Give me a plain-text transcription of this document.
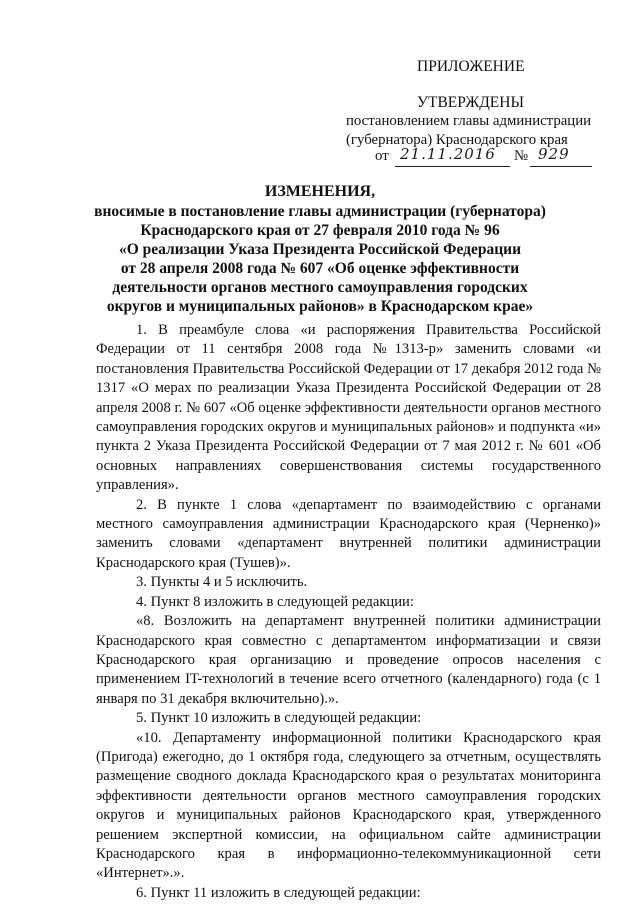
ПРИЛОЖЕНИЕ
УТВЕРЖДЕНЫ
постановлением главы администрации
(губернатора) Краснодарского края
от 21.11.2016 № 929
ИЗМЕНЕНИЯ,
вносимые в постановление главы администрации (губернатора)
Краснодарского края от 27 февраля 2010 года № 96
«О реализации Указа Президента Российской Федерации
от 28 апреля 2008 года № 607 «Об оценке эффективности
деятельности органов местного самоуправления городских
округов и муниципальных районов» в Краснодарском крае»

1. В преамбуле слова «и распоряжения Правительства Российской Федерации от 11 сентября 2008 года №1313-р» заменить словами «и постановления Правительства Российской Федерации от 17 декабря 2012 года № 1317 «О мерах по реализации Указа Президента Российской Федерации от 28 апреля 2008 г. № 607 «Об оценке эффективности деятельности органов местного самоуправления городских округов и муниципальных районов» и подпункта «и» пункта 2 Указа Президента Российской Федерации от 7 мая 2012 г. № 601 «Об основных направлениях совершенствования системы государственного управления».

2. В пункте 1 слова «департамент по взаимодействию с органами местного самоуправления администрации Краснодарского края (Черненко)» заменить словами «департамент внутренней политики администрации Краснодарского края (Тушев)».

3. Пункты 4 и 5 исключить.

4. Пункт 8 изложить в следующей редакции:

«8. Возложить на департамент внутренней политики администрации Краснодарского края совместно с департаментом информатизации и связи Краснодарского края организацию и проведение опросов населения с применением IT-технологий в течение всего отчетного (календарного) года (с 1 января по 31 декабря включительно).».

5. Пункт 10 изложить в следующей редакции:

«10. Департаменту информационной политики Краснодарского края (Пригода) ежегодно, до 1 октября года, следующего за отчетным, осуществлять размещение сводного доклада Краснодарского края о результатах мониторинга эффективности деятельности органов местного самоуправления городских округов и муниципальных районов Краснодарского края, утвержденного решением экспертной комиссии, на официальном сайте администрации Краснодарского края в информационно-телекоммуникационной сети «Интернет».».

6. Пункт 11 изложить в следующей редакции:
